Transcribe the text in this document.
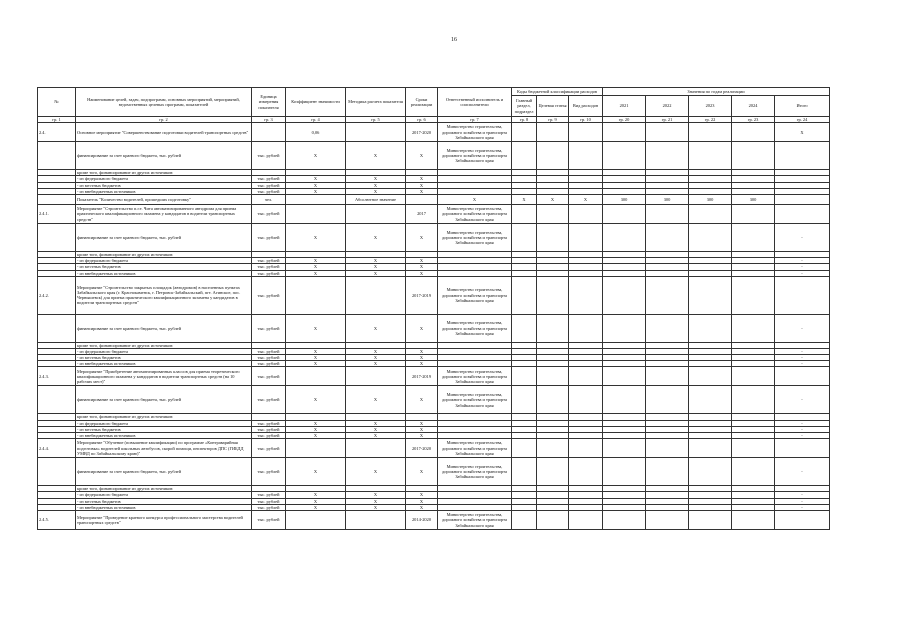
16
№	Наименование целей, задач, подпрограмм, основных мероприятий, мероприятий, ведомственных целевых программ, показателей	Единица измерения показателя	Коэффициент значимости	Методика расчета показателя	Сроки реализации	Ответственный исполнитель и соисполнители	Коды бюджетной классификации расходов			Значения по годам реализации				
							Главный раздел, подраздел	Целевая статья	Вид расходов	2021	2022	2023	2024	Итого
гр. 1	гр. 2	гр. 3	гр. 4	гр. 5	гр. 6	гр. 7	гр. 8	гр. 9	гр. 10	гр. 20	гр. 21	гр. 22	гр. 23	гр. 24
2.4.	Основное мероприятие "Совершенствование подготовки водителей транспортных средств"		0,06		2017-2020	Министерство строительства, дорожного хозяйства и транспорта Забайкальского края								Х
	финансирование за счет краевого бюджета, тыс. рублей	тыс. рублей	Х	Х	Х	Министерство строительства, дорожного хозяйства и транспорта Забайкальского края								
	кроме того, финансирование из других источников:													
	- из федерального бюджета	тыс. рублей	Х	Х	Х									
	- из местных бюджетов	тыс. рублей	Х	Х	Х									
	- из внебюджетных источников	тыс. рублей	Х	Х	Х									
	Показатель "Количество водителей, прошедших подготовку"	чел.		Абсолютное значение		Х	Х	Х	Х	300	300	300	300	
2.4.1.	Мероприятие "Строительство п.г.т. Чита автоматизированного автодрома для приема практического квалификационного экзамена у кандидатов в водители транспортных средств"	тыс. рублей			2017	Министерство строительства, дорожного хозяйства и транспорта Забайкальского края								
	финансирование за счет краевого бюджета, тыс. рублей	тыс. рублей	Х	Х	Х	Министерство строительства, дорожного хозяйства и транспорта Забайкальского края								-
	кроме того, финансирование из других источников:													
	- из федерального бюджета	тыс. рублей	Х	Х	Х									-
	- из местных бюджетов	тыс. рублей	Х	Х	Х									-
	- из внебюджетных источников	тыс. рублей	Х	Х	Х									-
2.4.2.	Мероприятие "Строительство закрытых площадок (автодромов) в населенных пунктах Забайкальского края (г. Краснокаменск, г. Петровск-Забайкальский, пгт. Агинское, пос. Чернышевск) для приема практического квалификационного экзамена у кандидатов в водители транспортных средств"	тыс. рублей			2017-2019	Министерство строительства, дорожного хозяйства и транспорта Забайкальского края								
	финансирование за счет краевого бюджета, тыс. рублей	тыс. рублей	Х	Х	Х	Министерство строительства, дорожного хозяйства и транспорта Забайкальского края								-
	кроме того, финансирование из других источников:													
	- из федерального бюджета	тыс. рублей	Х	Х	Х									-
	- из местных бюджетов	тыс. рублей	Х	Х	Х									-
	- из внебюджетных источников	тыс. рублей	Х	Х	Х									-
2.4.3.	Мероприятие "Приобретение автоматизированных классов для приема теоретического квалификационного экзамена у кандидатов в водители транспортных средств (на 10 рабочих мест)"	тыс. рублей			2017-2019	Министерство строительства, дорожного хозяйства и транспорта Забайкальского края								
	финансирование за счет краевого бюджета, тыс. рублей	тыс. рублей	Х	Х	Х	Министерство строительства, дорожного хозяйства и транспорта Забайкальского края								-
	кроме того, финансирование из других источников:													
	- из федерального бюджета	тыс. рублей	Х	Х	Х									-
	- из местных бюджетов	тыс. рублей	Х	Х	Х									-
	- из внебюджетных источников	тыс. рублей	Х	Х	Х									-
2.4.4.	Мероприятие "Обучение (повышение квалификации) по программе «Контраварийная подготовка» водителей школьных автобусов, скорой помощи, инспекторов ДПС (ГИБДД УМВД по Забайкальскому краю)"	тыс. рублей			2017-2020	Министерство строительства, дорожного хозяйства и транспорта Забайкальского края								
	финансирование за счет краевого бюджета, тыс. рублей	тыс. рублей	Х	Х	Х	Министерство строительства, дорожного хозяйства и транспорта Забайкальского края								-
	кроме того, финансирование из других источников:													
	- из федерального бюджета	тыс. рублей	Х	Х	Х									-
	- из местных бюджетов	тыс. рублей	Х	Х	Х									-
	- из внебюджетных источников	тыс. рублей	Х	Х	Х									-
2.4.5.	Мероприятие "Проведение краевого конкурса профессионального мастерства водителей транспортных средств"	тыс. рублей			2014-2020	Министерство строительства, дорожного хозяйства и транспорта Забайкальского края								
